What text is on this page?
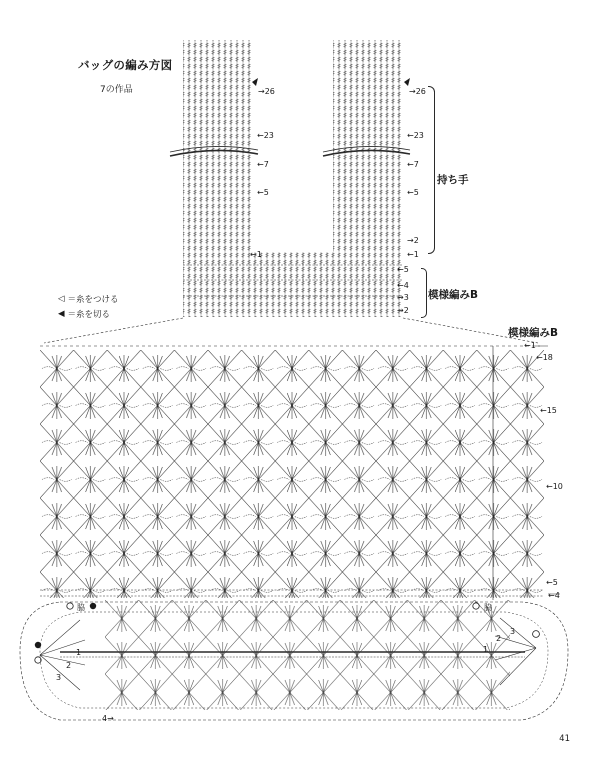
バッグの編み方図
7の作品
◁ ＝糸をつける
◀ ＝糸を切る
→26
←23
←7
←5
←1
→26
←23
←7
←5
→2
←1
持ち手
←5
←4
→3
→2
模様編みB
模様編みB
←1
←18
←15
←10
←5
←4
脇	脇
1
2
3
4→
3
2
1
41
